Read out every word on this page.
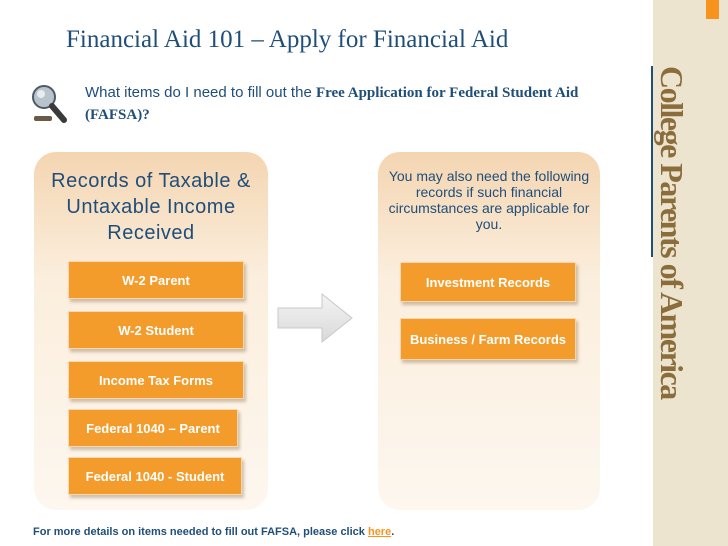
Financial Aid 101 – Apply for Financial Aid
What items do I need to fill out the Free Application for Federal Student Aid (FAFSA)?	College Parents of America
Records of Taxable & Untaxable Income Received
W-2 Parent
W-2 Student
Income Tax Forms
Federal 1040 – Parent
Federal 1040 - Student
You may also need the following records if such financial circumstances are applicable for you.
Investment Records
Business / Farm Records
For more details on items needed to fill out FAFSA, please click here.
